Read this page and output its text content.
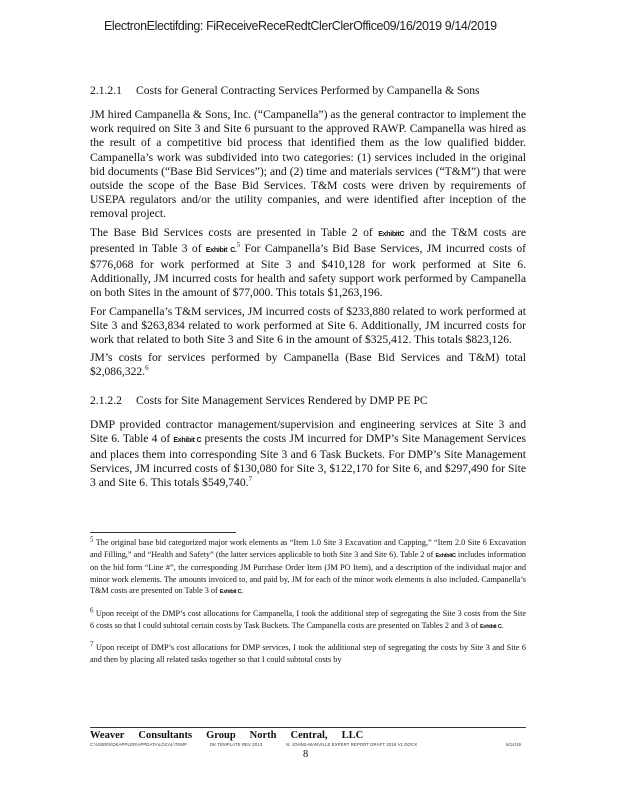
ElectronElectifding: FiReceiveReceRedtClerClerOffice09/16/2019 9/14/2019
2.1.2.1 Costs for General Contracting Services Performed by Campanella & Sons

JM hired Campanella & Sons, Inc. (“Campanella”) as the general contractor to implement the work required on Site 3 and Site 6 pursuant to the approved RAWP. Campanella was hired as the result of a competitive bid process that identified them as the low qualified bidder. Campanella’s work was subdivided into two categories: (1) services included in the original bid documents (“Base Bid Services”); and (2) time and materials services (“T&M”) that were outside the scope of the Base Bid Services. T&M costs were driven by requirements of USEPA regulators and/or the utility companies, and were identified after inception of the removal project.

The Base Bid Services costs are presented in Table 2 of ExhibitC and the T&M costs are presented in Table 3 of Exhibit C.$^5$ For Campanella’s Bid Base Services, JM incurred costs of $776,068 for work performed at Site 3 and $410,128 for work performed at Site 6. Additionally, JM incurred costs for health and safety support work performed by Campanella on both Sites in the amount of $77,000. This totals $1,263,196.

For Campanella’s T&M services, JM incurred costs of $233,880 related to work performed at Site 3 and $263,834 related to work performed at Site 6. Additionally, JM incurred costs for work that related to both Site 3 and Site 6 in the amount of $325,412. This totals $823,126.

JM’s costs for services performed by Campanella (Base Bid Services and T&M) total $2,086,322.$^6$

2.1.2.2 Costs for Site Management Services Rendered by DMP PE PC

DMP provided contractor management/supervision and engineering services at Site 3 and Site 6. Table 4 of Exhibit C presents the costs JM incurred for DMP’s Site Management Services and places them into corresponding Site 3 and 6 Task Buckets. For DMP’s Site Management Services, JM incurred costs of $130,080 for Site 3, $122,170 for Site 6, and $297,490 for Site 3 and Site 6. This totals $549,740.$^7$

$^5$ The original base bid categorized major work elements as “Item 1.0 Site 3 Excavation and Capping,” “Item 2.0 Site 6 Excavation and Filling,” and “Health and Safety” (the latter services applicable to both Site 3 and Site 6). Table 2 of ExhibitC includes information on the bid form “Line #”, the corresponding JM Purchase Order Item (JM PO Item), and a description of the individual major and minor work elements. The amounts invoiced to, and paid by, JM for each of the minor work elements is also included. Campanella’s T&M costs are presented on Table 3 of Exhibit C.

$^6$ Upon receipt of the DMP’s cost allocations for Campanella, I took the additional step of segregating the Site 3 costs from the Site 6 costs so that I could subtotal certain costs by Task Buckets. The Campanella costs are presented on Tables 2 and 3 of Exhibit C.

$^7$ Upon receipt of DMP’s cost allocations for DMP services, I took the additional step of segregating the costs by Site 3 and Site 6 and then by placing all related tasks together so that I could subtotal costs by

Weaver Consultants Group North Central, LLC
C:\USERS\DKAPPLER\APPDATA\LOCAL\TEMP	DK TEMPLATE REV 2013	N: JOHNS-MANVILLE EXPERT REPORT DRAFT 2019 V1.DOCX	6/14/19
8
